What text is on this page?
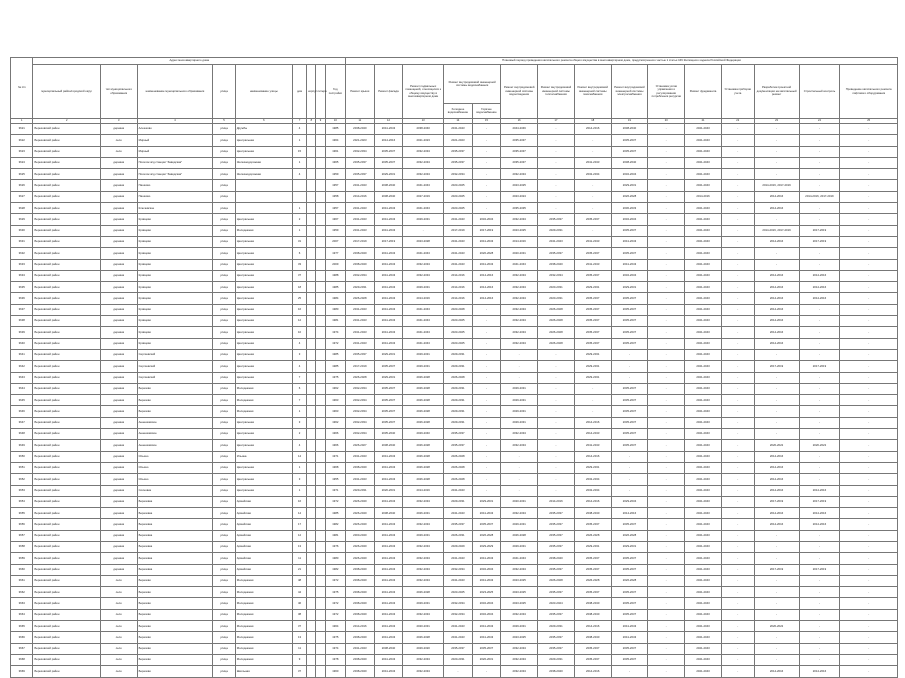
№ п/п	Адрес многоквартирного дома									Плановый период проведения капитального ремонта общего имущества в многоквартирном доме, предусмотренного частью 1 статьи 166 Жилищного кодекса Российской Федерации														
	муниципальный район/городской округ	тип муниципального образования	наименование муниципального образования	улица	наименование улицы	дом	корпус	литера	Год постройки	Ремонт крыши	Ремонт фасада	Ремонт подвальных помещений, относящихся к общему имуществу в многоквартирном доме	Ремонт внутридомовой инженерной системы водоснабжения		Ремонт внутридомовой инженерной системы водоотведения	Ремонт внутридомовой инженерной системы теплоснабжения	Ремонт внутридомовой инженерной системы газоснабжения	Ремонт внутридомовой инженерной системы электроснабжения	Установка узлов управления и регулирования потребления ресурсов	Ремонт фундамента	Установка приборов учета	Разработка проектной документации на капитальный ремонт	Строительный контроль	Проведение капитального ремонта лифтового оборудования
													Холодное водоснабжение	Горячее водоснабжение										
1	2	3	4	5	6	7	8	9	10	11	12	13	14	15	16	17	18	19	20	21	22	23	24	25
3621	Березовский район	деревня	Алешково	улица	Дружбы	4			1985	2038-2040	2041-2043	2038-2040	2041-2043	-	2044-2046	-	2014-2016	2038-2040	-	2041-2043	-	-	-	-
3622	Березовский район	село	Мирный	улица	Центральная	1			1964	2021-2023	2014-2016	2021-2023	2021-2023	-	2035-2037	-	-	2035-2037	-	2041-2043	-	-	-	-
3623	Березовский район	село	Мирный	улица	Центральная	15			1961	2032-2034	2035-2037	2032-2034	2035-2037	-	2035-2037	-	-	2035-2037	-	2041-2043	-	-	-	-
3624	Березовский район	деревня	Поселок ж/д станции "Заводская"	улица	Железнодорожная	1			1965	2035-2037	2035-2037	2032-2034	2035-2037	-	2035-2037	-	2041-2043	2038-2040	-	2041-2043	-	-	-	-
3625	Березовский район	деревня	Поселок ж/д станции "Заводская"	улица	Железнодорожная	4			1959	2035-2037	2029-2031	2032-2034	2032-2034	-	2032-2034	-	2032-2034	2032-2034	-	2041-2043	-	-	-	-
3626	Березовский район	деревня	Пашково	улица					1957	2041-2043	2038-2040	2041-2043	2023-2025	-	2023-2025	-	-	2029-2031	-	2041-2043	-	2014-2016, 2017-2019	-	-
3627	Березовский район	деревня	Пашково	улица					1958	2014-2016	2038-2040	2027-2019	2023-2025	-	2023-2024	-	-	2026-2028	-	2014-2016	-	2014-2016	2014-2016, 2017-2019	-
3628	Березовский район	деревня	Ключевское	улица		1			1957	2041-2043	2041-2043	2041-2043	2023-2025	-	2035-2035	-	-	2030-2033	-	2041-2043	-	2014-2016	-	-
3629	Березовский район	деревня	Кривцово	улица	Центральная	2			1967	2041-2043	2041-2043	2029-2031	2041-2043	2032-2034	2032-2034	2035-2037	2035-2037	2032-2034	-	2041-2043	-	-	-	-
3630	Березовский район	деревня	Кривцово	улица	Молодежная	1			1959	2041-2043	2041-2043	-	2017-2019	2017-2019	2023-2025	2029-2031	-	2035-2037	-	2041-2043	-	2014-2016, 2017-2019	2017-2019	-
3631	Березовский район	деревня	Кривцово	улица	Центральная	31			2007	2017-2019	2017-2019	2023-2028	2041-2043	2041-2043	2014-2016	2041-2043	2041-2043	2041-2043	-	2041-2043	-	2014-2016	2017-2019	-
3632	Березовский район	деревня	Кривцово	улица	Центральная	6			1977	2038-2040	2041-2043	2041-2043	2041-2043	2020-2028	2020-2031	2035-2037	2035-2037	2035-2037	-	2041-2043	-	-	-	-
3633	Березовский район	деревня	Кривцово	улица	Центральная	33			2009	2038-2040	2041-2043	2032-2034	2041-2043	2041-2043	2041-2043	2038-2040	2041-2043	2041-2043	-	2041-2043	-	-	-	-
3634	Березовский район	деревня	Кривцово	улица	Центральная	37			1988	2032-2034	2041-2043	2032-2034	2014-2016	2014-2016	2032-2034	2032-2034	2035-2037	2032-2034	-	2041-2043	-	2014-2016	2014-2016	-
3635	Березовский район	деревня	Кривцово	улица	Центральная	18			1985	2029-2031	2041-2043	2029-2031	2014-2016	2014-2016	2032-2034	2020-2031	2029-2031	2029-2031	-	2041-2043	-	2014-2016	2014-2016	-
3636	Березовский район	деревня	Кривцово	улица	Центральная	25			1984	2026-2028	2041-2043	2014-2016	2014-2016	2014-2016	2032-2034	2020-2031	2035-2037	2035-2037	-	2041-2043	-	2014-2016	2014-2016	-
3637	Березовский район	деревня	Кривцово	улица	Центральная	16			1980	2041-2043	2041-2043	2041-2043	2023-2028	-	2032-2034	2026-2028	2035-2037	2035-2037	-	2041-2043	-	2014-2016	-	-
3638	Березовский район	деревня	Кривцово	улица	Центральная	12			1981	2041-2043	2041-2043	2041-2043	2023-2025	-	2032-2034	2026-2028	2035-2037	2035-2037	-	2041-2043	-	2014-2016	-	-
3639	Березовский район	деревня	Кривцово	улица	Центральная	10			1974	2041-2043	2041-2043	2041-2043	2023-2025	-	2032-2034	2026-2028	2035-2037	2035-2037	-	2041-2043	-	2014-2016	-	-
3640	Березовский район	деревня	Кривцово	улица	Центральная	4			1972	2041-2043	2041-2043	2041-2043	2023-2025	-	2032-2034	2026-2028	2035-2037	2035-2037	-	2041-2043	-	2014-2016	-	-
3641	Березовский район	деревня	Сергиевский	улица	Центральная	3			1985	2035-2037	2029-2031	2029-2031	2029-2031	-	-	-	2029-2031	-	-	2041-2043	-	-	-	-
3642	Березовский район	деревня	Сергиевский	улица	Центральная	4			1985	2017-2019	2035-2037	2029-2031	2029-2031	-	-	-	2029-2031	-	-	2041-2043	-	2017-2019	2017-2019	-
3643	Березовский район	деревня	Сергиевский	улица	Центральная	7			1975	2026-2028	2029-2031	2026-2028	2026-2028	-	-	-	2029-2031	-	-	2041-2043	-	-	-	-
3644	Березовский район	деревня	Березово	улица	Молодежная	6			1962	2032-2034	2035-2037	2026-2028	2029-2031	-	2029-2031	-	-	2035-2037	-	2041-2043	-	-	-	-
3645	Березовский район	деревня	Березово	улица	Молодежная	7			1963	2032-2034	2035-2037	2026-2028	2029-2031	-	2029-2031	-	-	2035-2037	-	2041-2043	-	-	-	-
3646	Березовский район	деревня	Березово	улица	Молодежная	1			1963	2032-2034	2035-2037	2026-2028	2029-2031	-	2029-2031	-	-	2035-2037	-	2041-2043	-	-	-	-
3647	Березовский район	деревня	Анненковское	улица	Центральная	3			1962	2032-2034	2035-2037	2026-2028	2029-2031	-	2029-2031	-	2014-2016	2035-2037	-	2041-2043	-	-	-	-
3648	Березовский район	деревня	Анненковское	улица	Центральная	2			1966	2032-2034	2035-2040	2029-2040	2035-2037	-	2032-2034	-	2014-2043	2035-2037	-	2041-2043	-	-	-	-
3649	Березовский район	деревня	Анненковское	улица	Центральная	4			1966	2026-2027	2038-2040	2026-2028	2035-2037	-	2032-2034	-	2041-2043	2035-2037	-	2041-2043	-	2020-2022	2020-2022	-
3650	Березовский район	деревня	Ильино	улица	Ильина	14			1971	2041-2043	2041-2043	2026-2028	2026-2028	-	-	-	2014-2016	-	-	2041-2043	-	2014-2016	-	-
3651	Березовский район	деревня	Ильино	улица	Центральная	1			1968	2038-2040	2041-2043	2026-2028	2026-2028	-	-	-	2029-2031	-	-	2041-2043	-	2014-2016	-	-
3652	Березовский район	деревня	Ильино	улица	Центральная	3			1955	2041-2043	2041-2043	2026-2028	2026-2028	-	-	-	2032-2034	-	-	2041-2043	-	2014-2016	-	-
3653	Березовский район	деревня	Сосновка	улица	Центральная	1			1971	2029-2031	2020-2031	2014-2016	2041-2043	-	-	-	2032-2034	-	-	2041-2043	-	2014-2016	2014-2016	-
3654	Березовский район	деревня	Березовка	улица	Армейская	16			1972	2026-2040	2041-2043	2032-2034	2029-2031	2029-2031	2020-2031	2014-2016	2014-2016	2029-2034	-	2041-2043	-	2017-2019	2017-2019	-
3655	Березовский район	деревня	Березовка	улица	Армейская	14			1985	2026-2040	2038-2040	2026-2031	2041-2043	2041-2043	2032-2034	2035-2037	2038-2040	2014-2016	-	2041-2043	-	2014-2016	2014-2016	-
3656	Березовский район	деревня	Березовка	улица	Армейская	17			1982	2026-2040	2041-2043	2032-2034	2035-2037	2035-2037	2029-2031	2035-2037	2035-2037	2035-2037	-	2041-2043	-	2014-2016	2014-2016	-
3657	Березовский район	деревня	Березовка	улица	Армейская	12			1981	2000-2040	2041-2043	2029-2031	2026-2031	2026-2028	2026-2028	2035-2037	2026-2028	2026-2028	-	2041-2043	-	-	-	-
3658	Березовский район	деревня	Березовка	улица	Армейская	13			1976	2026-2040	2041-2043	2032-2034	2029-2029	2029-2029	2029-2031	2035-2037	2029-2031	2029-2031	-	2041-2043	-	-	-	-
3659	Березовский район	деревня	Березовка	улица	Армейская	11			1980	2026-2040	2041-2043	2032-2034	2041-2043	2041-2043	2041-2043	2038-2040	2035-2037	2035-2037	-	2041-2043	-	-	-	-
3660	Березовский район	деревня	Березовка	улица	Армейская	21			1982	2038-2040	2041-2043	2032-2034	2032-2034	2032-2034	2032-2034	2035-2037	2035-2037	2035-2037	-	2041-2043	-	2017-2019	2017-2019	-
3661	Березовский район	село	Березово	улица	Молодежная	48			1972	2038-2040	2041-2043	2032-2034	2041-2043	2041-2043	2023-2025	2026-2028	2026-2028	2026-2028	-	2041-2043	-	-	-	-
3662	Березовский район	село	Березово	улица	Молодежная	44			1975	2038-2040	2041-2043	2026-2028	2023-2025	2023-2025	2023-2025	2035-2037	2035-2037	2035-2037	-	2041-2043	-	-	-	-
3663	Березовский район	село	Березово	улица	Молодежная	46			1972	2038-2040	2041-2043	2029-2031	2032-2034	2032-2034	2023-2025	2023-2024	2038-2040	2035-2037	-	2041-2043	-	-	-	-
3664	Березовский район	село	Березово	улица	Молодежная	38			1972	2038-2040	2041-2043	2032-2034	2032-2034	2032-2034	2032-2034	2035-2037	2038-2040	2035-2037	-	2041-2043	-	-	-	-
3665	Березовский район	село	Березово	улица	Молодежная	37			1964	2014-2016	2041-2043	2020-2031	2041-2043	2041-2043	2029-2031	2029-2031	2014-2016	2041-2043	-	2041-2043	-	2020-2022	-	-
3666	Березовский район	село	Березово	улица	Молодежная	13			1975	2038-2040	2041-2043	2026-2028	2041-2043	2041-2043	2023-2025	2035-2037	2038-2040	2041-2043	-	2041-2043	-	-	-	-
3667	Березовский район	село	Березово	улица	Молодежная	11			1974	2041-2043	2038-2040	2029-2020	2035-2037	2035-2037	2032-2034	2035-2037	2035-2037	2035-2037	-	2041-2043	-	-	-	-
3668	Березовский район	село	Березово	улица	Молодежная	9			1978	2038-2040	2041-2043	2032-2034	2020-2031	2020-2031	2032-2034	2029-2031	2035-2037	2035-2037	-	2041-2043	-	-	-	-
3669	Березовский район	село	Березово	улица	Школьная	37			1960	2038-2040	2041-2043	2032-2034	-	-	2032-2034	2038-2040	2014-2016	-	-	2041-2043	-	2014-2016	2014-2016	-
